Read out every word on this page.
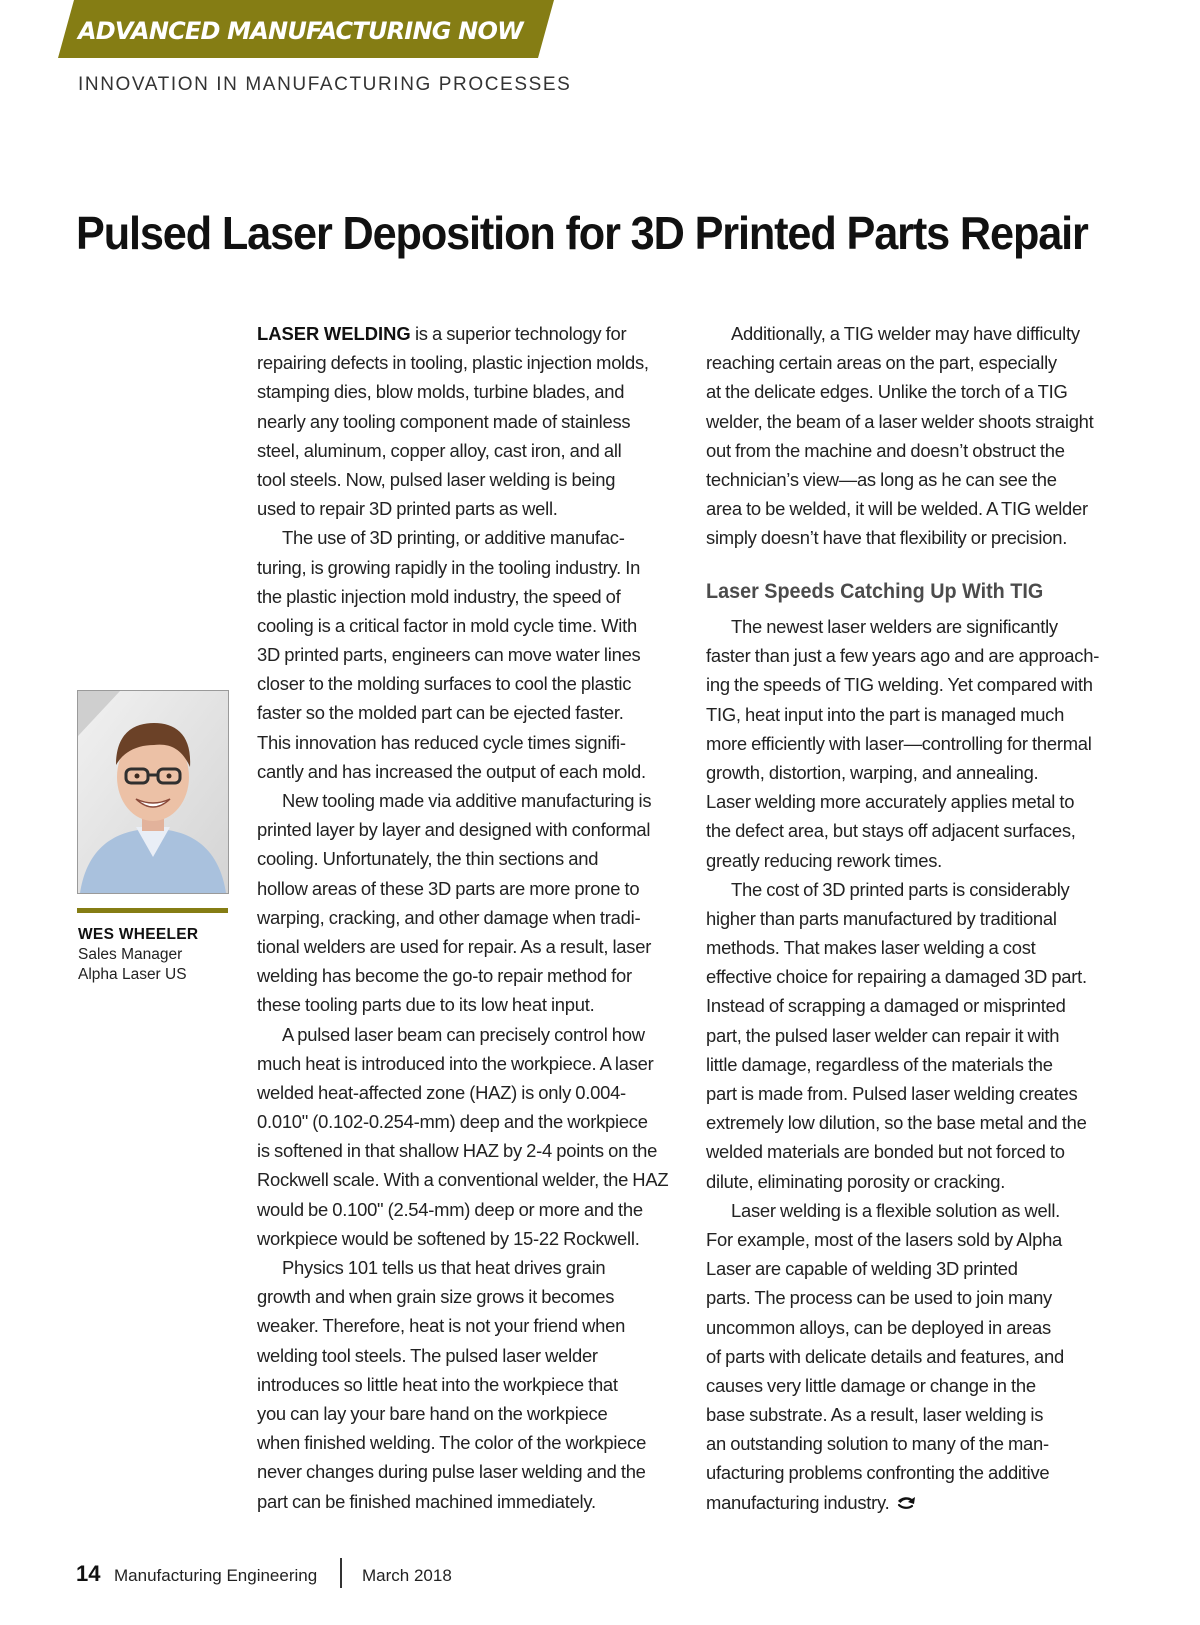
ADVANCED MANUFACTURING NOW
INNOVATION IN MANUFACTURING PROCESSES
Pulsed Laser Deposition for 3D Printed Parts Repair
WES WHEELER
Sales Manager
Alpha Laser US
LASER WELDING is a superior technology for
repairing defects in tooling, plastic injection molds,
stamping dies, blow molds, turbine blades, and
nearly any tooling component made of stainless
steel, aluminum, copper alloy, cast iron, and all
tool steels. Now, pulsed laser welding is being
used to repair 3D printed parts as well.
The use of 3D printing, or additive manufac-
turing, is growing rapidly in the tooling industry. In
the plastic injection mold industry, the speed of
cooling is a critical factor in mold cycle time. With
3D printed parts, engineers can move water lines
closer to the molding surfaces to cool the plastic
faster so the molded part can be ejected faster.
This innovation has reduced cycle times signifi-
cantly and has increased the output of each mold.
New tooling made via additive manufacturing is
printed layer by layer and designed with conformal
cooling. Unfortunately, the thin sections and
hollow areas of these 3D parts are more prone to
warping, cracking, and other damage when tradi-
tional welders are used for repair. As a result, laser
welding has become the go-to repair method for
these tooling parts due to its low heat input.
A pulsed laser beam can precisely control how
much heat is introduced into the workpiece. A laser
welded heat-affected zone (HAZ) is only 0.004-
0.010" (0.102-0.254-mm) deep and the workpiece
is softened in that shallow HAZ by 2-4 points on the
Rockwell scale. With a conventional welder, the HAZ
would be 0.100" (2.54-mm) deep or more and the
workpiece would be softened by 15-22 Rockwell.
Physics 101 tells us that heat drives grain
growth and when grain size grows it becomes
weaker. Therefore, heat is not your friend when
welding tool steels. The pulsed laser welder
introduces so little heat into the workpiece that
you can lay your bare hand on the workpiece
when finished welding. The color of the workpiece
never changes during pulse laser welding and the
part can be finished machined immediately.
Additionally, a TIG welder may have difficulty
reaching certain areas on the part, especially
at the delicate edges. Unlike the torch of a TIG
welder, the beam of a laser welder shoots straight
out from the machine and doesn’t obstruct the
technician’s view—as long as he can see the
area to be welded, it will be welded. A TIG welder
simply doesn’t have that flexibility or precision.
Laser Speeds Catching Up With TIG
The newest laser welders are significantly
faster than just a few years ago and are approach-
ing the speeds of TIG welding. Yet compared with
TIG, heat input into the part is managed much
more efficiently with laser—controlling for thermal
growth, distortion, warping, and annealing.
Laser welding more accurately applies metal to
the defect area, but stays off adjacent surfaces,
greatly reducing rework times.
The cost of 3D printed parts is considerably
higher than parts manufactured by traditional
methods. That makes laser welding a cost
effective choice for repairing a damaged 3D part.
Instead of scrapping a damaged or misprinted
part, the pulsed laser welder can repair it with
little damage, regardless of the materials the
part is made from. Pulsed laser welding creates
extremely low dilution, so the base metal and the
welded materials are bonded but not forced to
dilute, eliminating porosity or cracking.
Laser welding is a flexible solution as well.
For example, most of the lasers sold by Alpha
Laser are capable of welding 3D printed
parts. The process can be used to join many
uncommon alloys, can be deployed in areas
of parts with delicate details and features, and
causes very little damage or change in the
base substrate. As a result, laser welding is
an outstanding solution to many of the man-
ufacturing problems confronting the additive
manufacturing industry.
14 Manufacturing Engineering	March 2018
